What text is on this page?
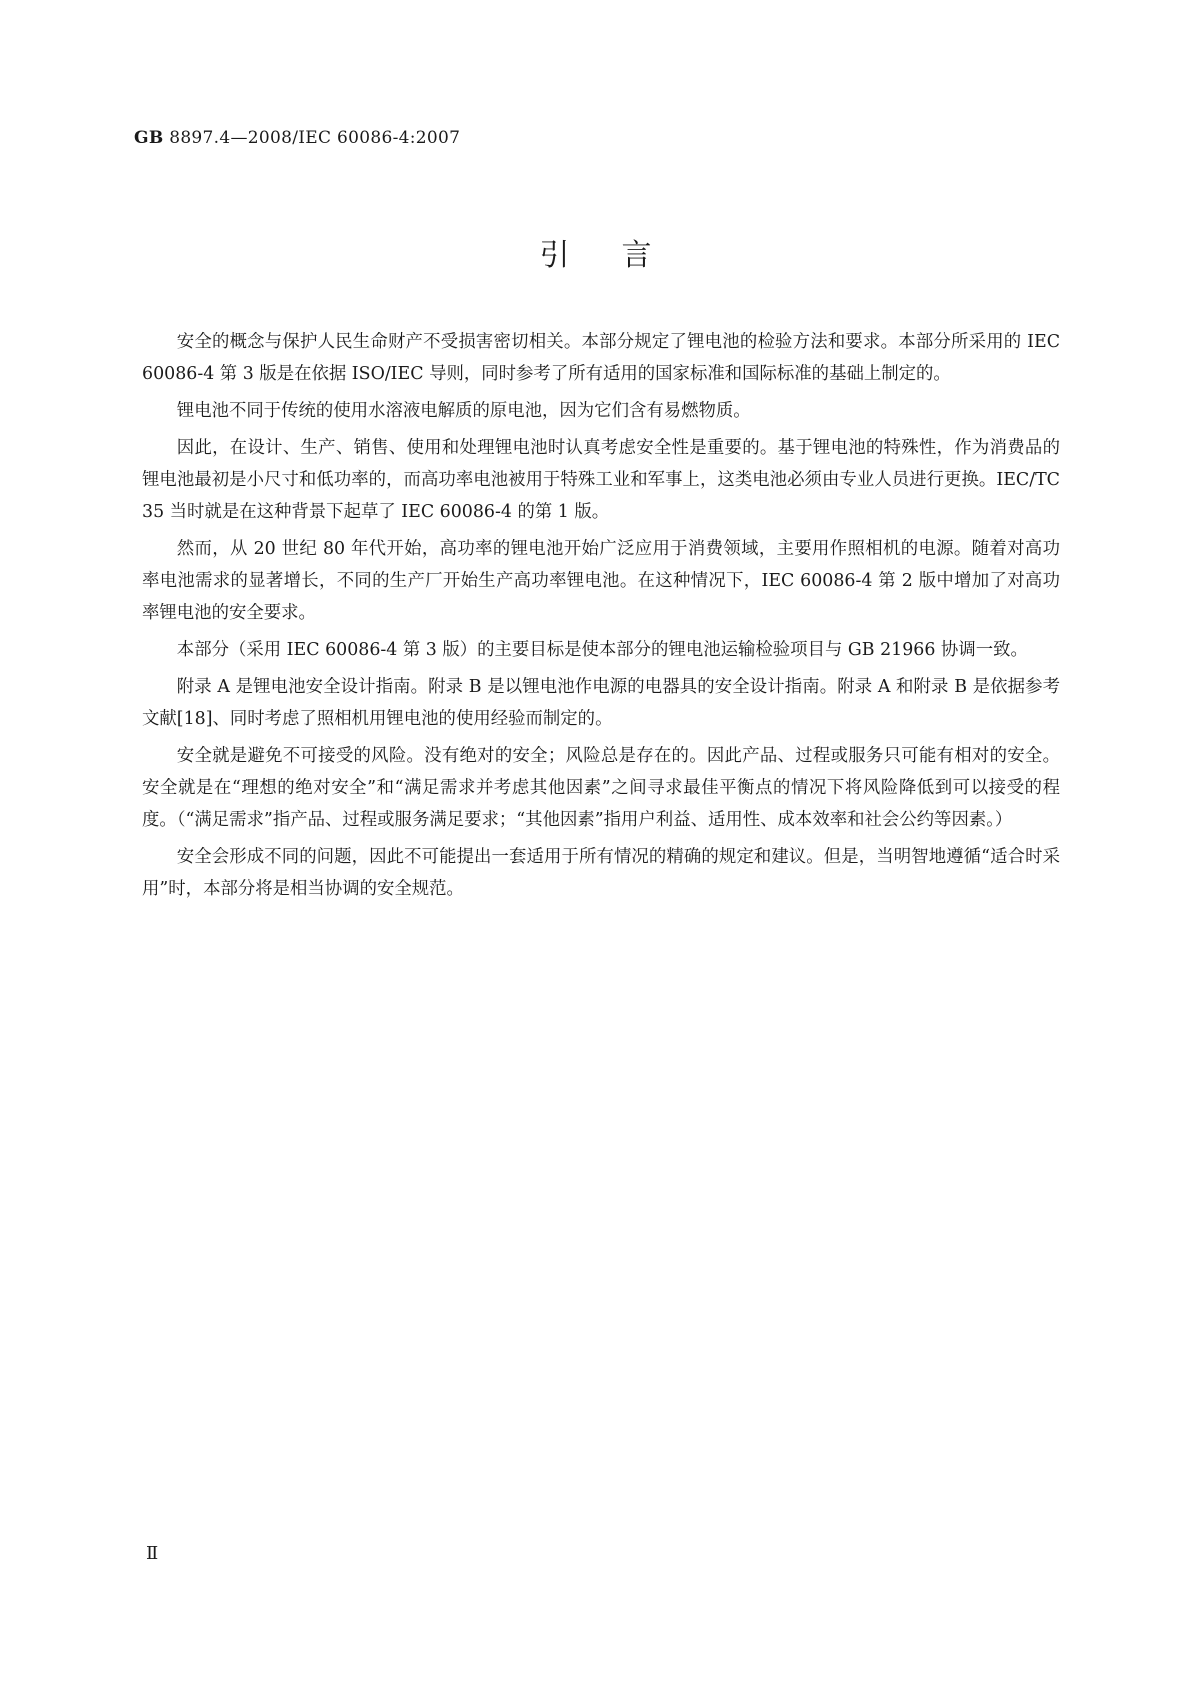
GB 8897.4—2008/IEC 60086-4:2007
引言

安全的概念与保护人民生命财产不受损害密切相关。本部分规定了锂电池的检验方法和要求。本部分所采用的 IEC 60086-4 第 3 版是在依据 ISO/IEC 导则，同时参考了所有适用的国家标准和国际标准的基础上制定的。

锂电池不同于传统的使用水溶液电解质的原电池，因为它们含有易燃物质。

因此，在设计、生产、销售、使用和处理锂电池时认真考虑安全性是重要的。基于锂电池的特殊性，作为消费品的锂电池最初是小尺寸和低功率的，而高功率电池被用于特殊工业和军事上，这类电池必须由专业人员进行更换。IEC/TC 35 当时就是在这种背景下起草了 IEC 60086-4 的第 1 版。

然而，从 20 世纪 80 年代开始，高功率的锂电池开始广泛应用于消费领域，主要用作照相机的电源。随着对高功率电池需求的显著增长，不同的生产厂开始生产高功率锂电池。在这种情况下，IEC 60086-4 第 2 版中增加了对高功率锂电池的安全要求。

本部分（采用 IEC 60086-4 第 3 版）的主要目标是使本部分的锂电池运输检验项目与 GB 21966 协调一致。

附录 A 是锂电池安全设计指南。附录 B 是以锂电池作电源的电器具的安全设计指南。附录 A 和附录 B 是依据参考文献[18]、同时考虑了照相机用锂电池的使用经验而制定的。

安全就是避免不可接受的风险。没有绝对的安全；风险总是存在的。因此产品、过程或服务只可能有相对的安全。安全就是在“理想的绝对安全”和“满足需求并考虑其他因素”之间寻求最佳平衡点的情况下将风险降低到可以接受的程度。（“满足需求”指产品、过程或服务满足要求；“其他因素”指用户利益、适用性、成本效率和社会公约等因素。）

安全会形成不同的问题，因此不可能提出一套适用于所有情况的精确的规定和建议。但是，当明智地遵循“适合时采用”时，本部分将是相当协调的安全规范。

Ⅱ
